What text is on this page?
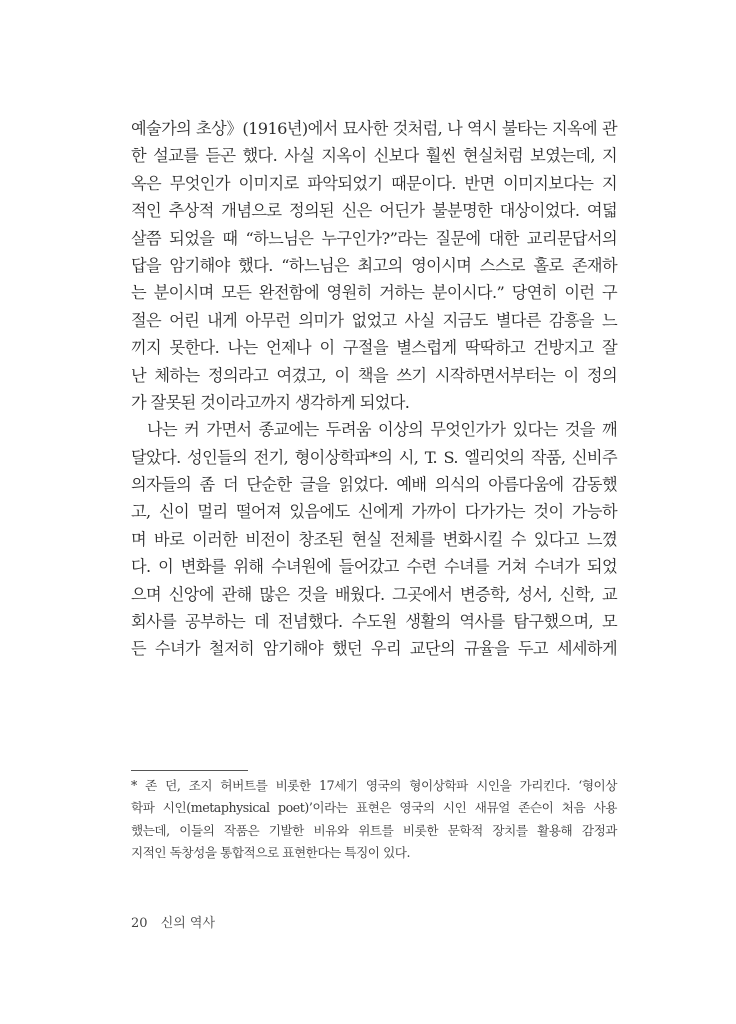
예술가의 초상》(1916년)에서 묘사한 것처럼, 나 역시 불타는 지옥에 관
한 설교를 듣곤 했다. 사실 지옥이 신보다 훨씬 현실처럼 보였는데, 지
옥은 무엇인가 이미지로 파악되었기 때문이다. 반면 이미지보다는 지
적인 추상적 개념으로 정의된 신은 어딘가 불분명한 대상이었다. 여덟
살쯤 되었을 때 “하느님은 누구인가?”라는 질문에 대한 교리문답서의
답을 암기해야 했다. “하느님은 최고의 영이시며 스스로 홀로 존재하
는 분이시며 모든 완전함에 영원히 거하는 분이시다.” 당연히 이런 구
절은 어린 내게 아무런 의미가 없었고 사실 지금도 별다른 감흥을 느
끼지 못한다. 나는 언제나 이 구절을 별스럽게 딱딱하고 건방지고 잘
난 체하는 정의라고 여겼고, 이 책을 쓰기 시작하면서부터는 이 정의
가 잘못된 것이라고까지 생각하게 되었다.
나는 커 가면서 종교에는 두려움 이상의 무엇인가가 있다는 것을 깨
달았다. 성인들의 전기, 형이상학파*의 시, T. S. 엘리엇의 작품, 신비주
의자들의 좀 더 단순한 글을 읽었다. 예배 의식의 아름다움에 감동했
고, 신이 멀리 떨어져 있음에도 신에게 가까이 다가가는 것이 가능하
며 바로 이러한 비전이 창조된 현실 전체를 변화시킬 수 있다고 느꼈
다. 이 변화를 위해 수녀원에 들어갔고 수련 수녀를 거쳐 수녀가 되었
으며 신앙에 관해 많은 것을 배웠다. 그곳에서 변증학, 성서, 신학, 교
회사를 공부하는 데 전념했다. 수도원 생활의 역사를 탐구했으며, 모
든 수녀가 철저히 암기해야 했던 우리 교단의 규율을 두고 세세하게
* 존 던, 조지 허버트를 비롯한 17세기 영국의 형이상학파 시인을 가리킨다. ‘형이상
학파 시인(metaphysical poet)’이라는 표현은 영국의 시인 새뮤얼 존슨이 처음 사용
했는데, 이들의 작품은 기발한 비유와 위트를 비롯한 문학적 장치를 활용해 감정과
지적인 독창성을 통합적으로 표현한다는 특징이 있다.
20 신의 역사
